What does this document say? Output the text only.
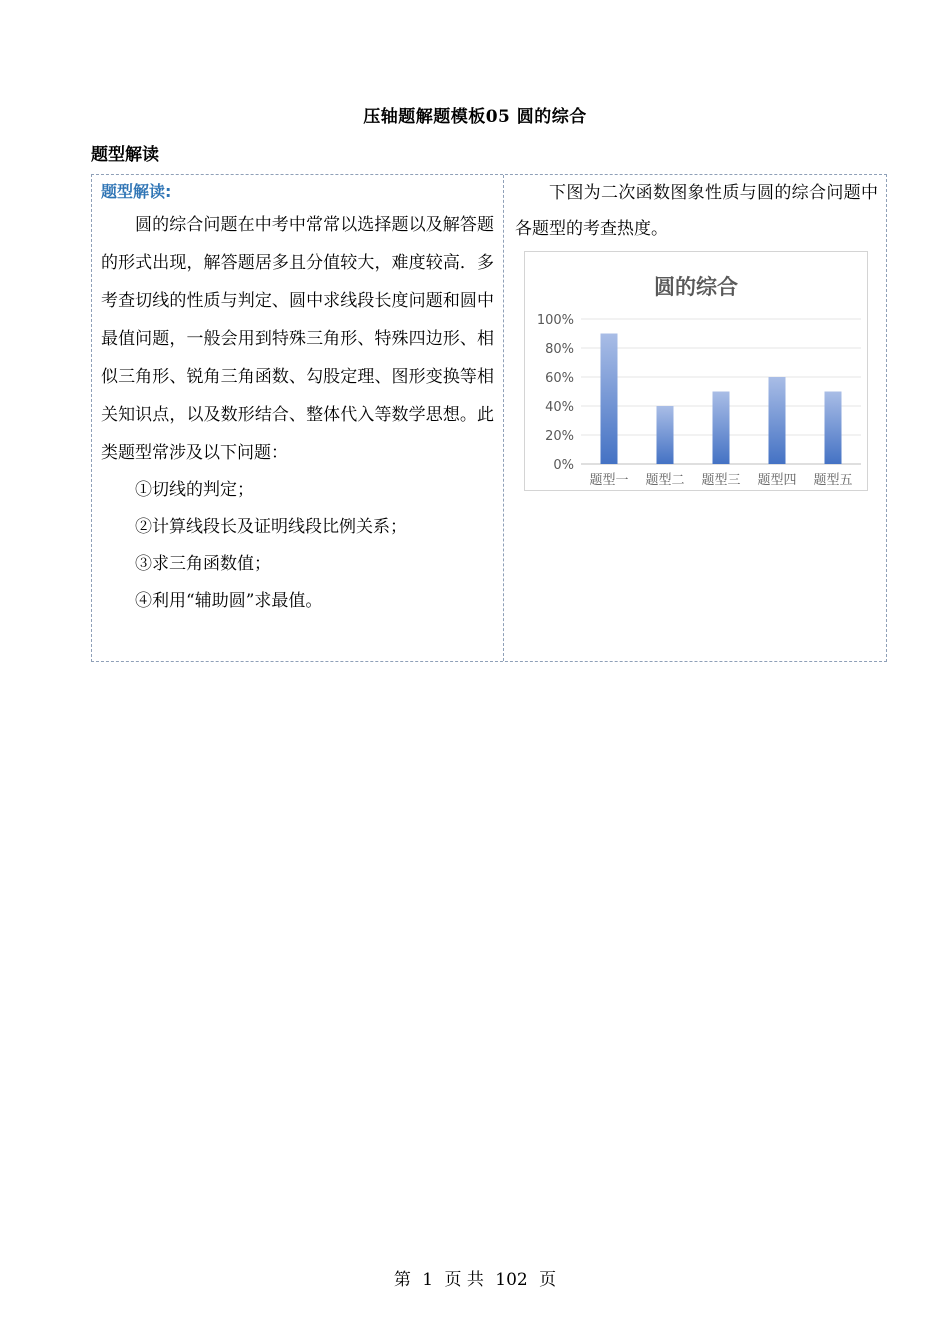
压轴题解题模板05 圆的综合
题型解读
题型解读:

圆的综合问题在中考中常常以选择题以及解答题的形式出现，解答题居多且分值较大，难度较高．多考查切线的性质与判定、圆中求线段长度问题和圆中最值问题，一般会用到特殊三角形、特殊四边形、相似三角形、锐角三角函数、勾股定理、图形变换等相关知识点，以及数形结合、整体代入等数学思想。此类题型常涉及以下问题：

①切线的判定；
②计算线段长及证明线段比例关系；
③求三角函数值；
④利用“辅助圆”求最值。

下图为二次函数图象性质与圆的综合问题中各题型的考查热度。

圆的综合
0%
20%
40%
60%
80%
100%
题型一 题型二 题型三 题型四 题型五
第 1 页 共 102 页
